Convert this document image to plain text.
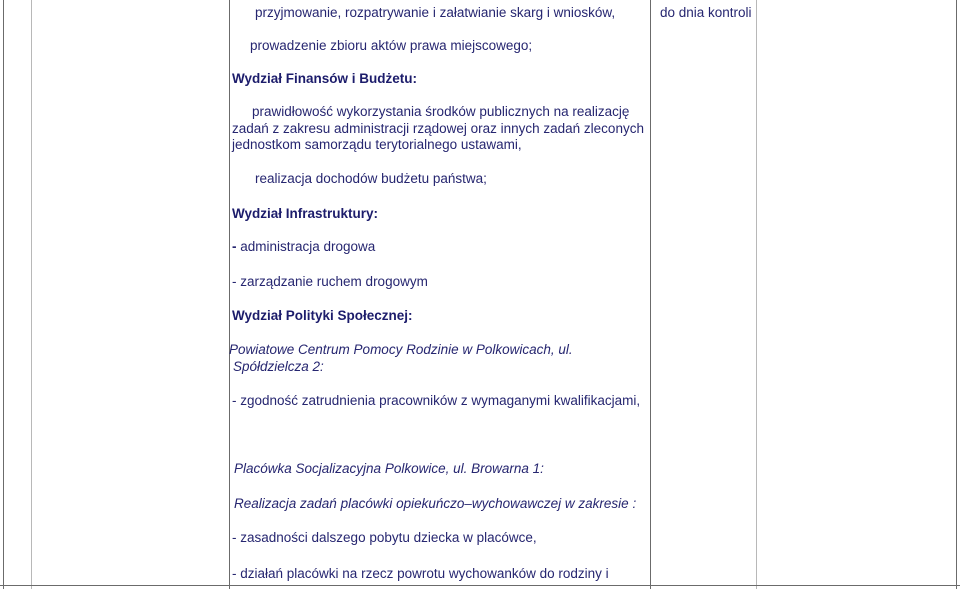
przyjmowanie, rozpatrywanie i załatwianie skarg i wniosków,
prowadzenie zbioru aktów prawa miejscowego;
Wydział Finansów i Budżetu:
prawidłowość wykorzystania środków publicznych na realizację
zadań z zakresu administracji rządowej oraz innych zadań zleconych
jednostkom samorządu terytorialnego ustawami,
realizacja dochodów budżetu państwa;
Wydział Infrastruktury:
- administracja drogowa
- zarządzanie ruchem drogowym
Wydział Polityki Społecznej:
Powiatowe Centrum Pomocy Rodzinie w Polkowicach, ul.
Spółdzielcza 2:
- zgodność zatrudnienia pracowników z wymaganymi kwalifikacjami,
Placówka Socjalizacyjna Polkowice, ul. Browarna 1:
Realizacja zadań placówki opiekuńczo–wychowawczej w zakresie :
- zasadności dalszego pobytu dziecka w placówce,
- działań placówki na rzecz powrotu wychowanków do rodziny i
do dnia kontroli
